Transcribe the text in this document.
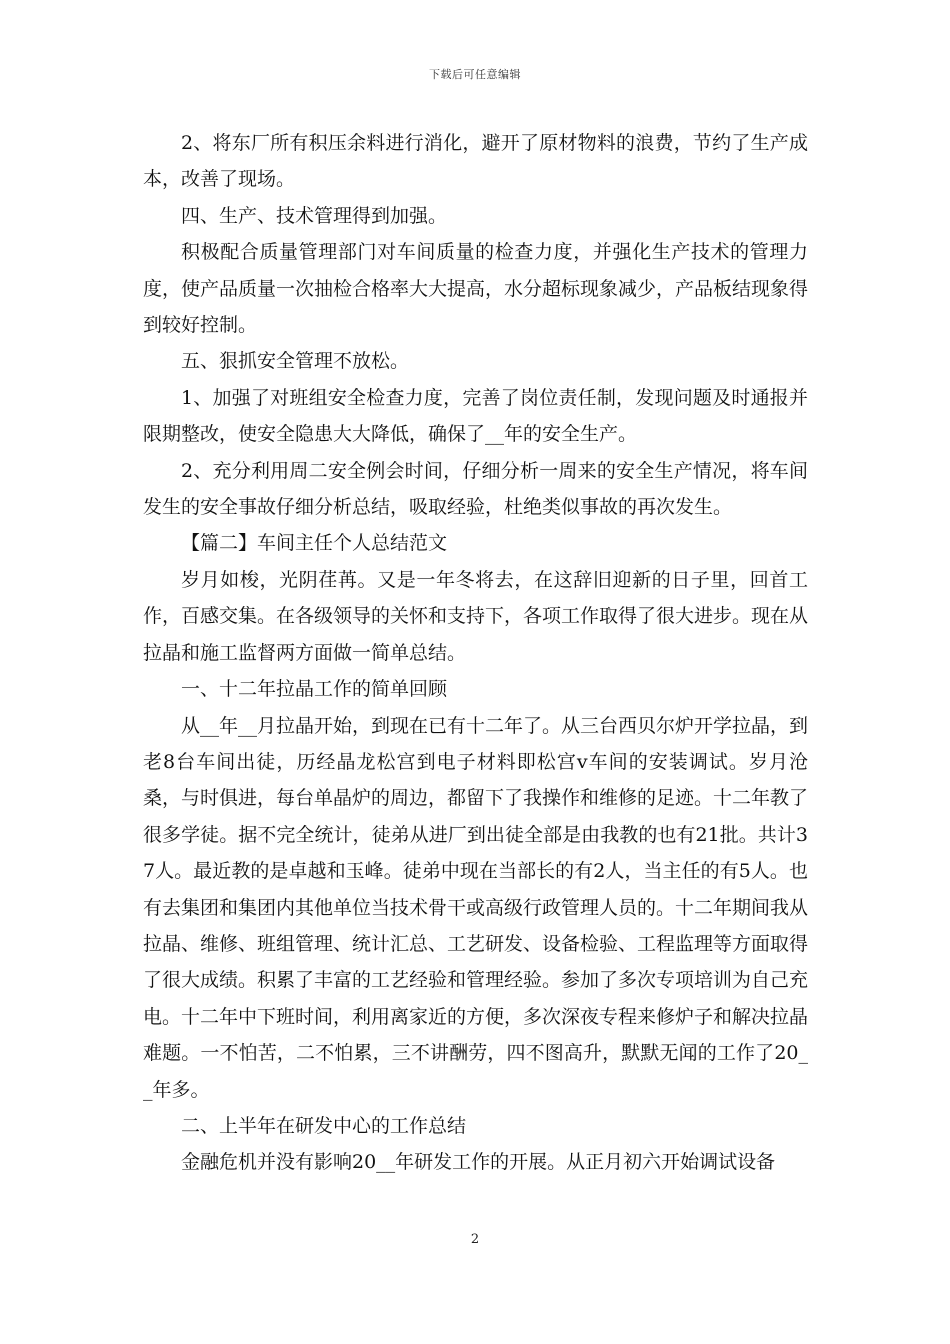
下载后可任意编辑

2、将东厂所有积压余料进行消化，避开了原材物料的浪费，节约了生产成本，改善了现场。

四、生产、技术管理得到加强。

积极配合质量管理部门对车间质量的检查力度，并强化生产技术的管理力度，使产品质量一次抽检合格率大大提高，水分超标现象减少，产品板结现象得到较好控制。

五、狠抓安全管理不放松。

1、加强了对班组安全检查力度，完善了岗位责任制，发现问题及时通报并限期整改，使安全隐患大大降低，确保了__年的安全生产。

2、充分利用周二安全例会时间，仔细分析一周来的安全生产情况，将车间发生的安全事故仔细分析总结，吸取经验，杜绝类似事故的再次发生。

【篇二】车间主任个人总结范文

岁月如梭，光阴荏苒。又是一年冬将去，在这辞旧迎新的日子里，回首工作，百感交集。在各级领导的关怀和支持下，各项工作取得了很大进步。现在从拉晶和施工监督两方面做一简单总结。

一、十二年拉晶工作的简单回顾

从__年__月拉晶开始，到现在已有十二年了。从三台西贝尔炉开学拉晶，到老8台车间出徒，历经晶龙松宫到电子材料即松宫v车间的安装调试。岁月沧桑，与时俱进，每台单晶炉的周边，都留下了我操作和维修的足迹。十二年教了很多学徒。据不完全统计，徒弟从进厂到出徒全部是由我教的也有21批。共计37人。最近教的是卓越和玉峰。徒弟中现在当部长的有2人，当主任的有5人。也有去集团和集团内其他单位当技术骨干或高级行政管理人员的。十二年期间我从拉晶、维修、班组管理、统计汇总、工艺研发、设备检验、工程监理等方面取得了很大成绩。积累了丰富的工艺经验和管理经验。参加了多次专项培训为自己充电。十二年中下班时间，利用离家近的方便，多次深夜专程来修炉子和解决拉晶难题。一不怕苦，二不怕累，三不讲酬劳，四不图高升，默默无闻的工作了20__年多。

二、上半年在研发中心的工作总结

金融危机并没有影响20__年研发工作的开展。从正月初六开始调试设备

2
